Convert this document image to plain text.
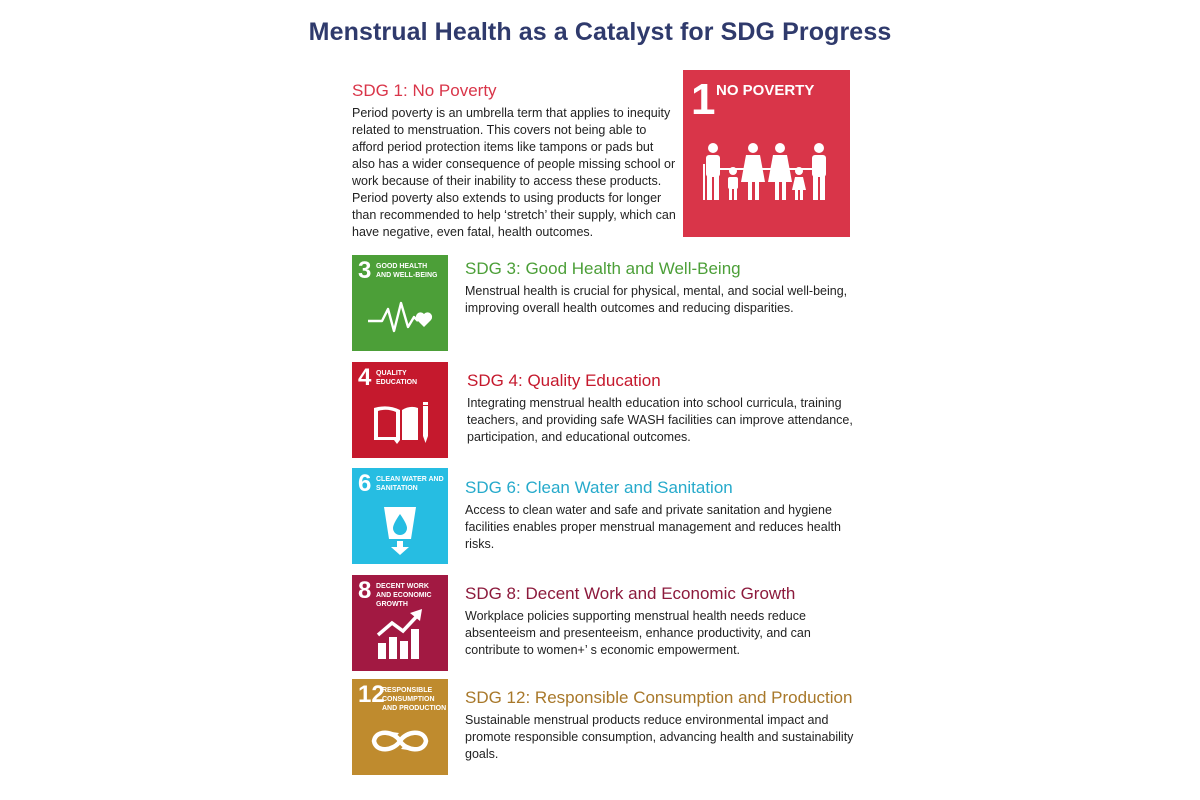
Menstrual Health as a Catalyst for SDG Progress
SDG 1: No Poverty

Period poverty is an umbrella term that applies to inequity related to menstruation. This covers not being able to afford period protection items like tampons or pads but also has a wider consequence of people missing school or work because of their inability to access these products. Period poverty also extends to using products for longer than recommended to help ‘stretch’ their supply, which can have negative, even fatal, health outcomes.

1 NO POVERTY
3 GOOD HEALTH AND WELL-BEING	SDG 3: Good Health and Well-Being

Menstrual health is crucial for physical, mental, and social well-being, improving overall health outcomes and reducing disparities.

4 QUALITY EDUCATION	SDG 4: Quality Education

Integrating menstrual health education into school curricula, training teachers, and providing safe WASH facilities can improve attendance, participation, and educational outcomes.

6 CLEAN WATER AND SANITATION	SDG 6: Clean Water and Sanitation

Access to clean water and safe and private sanitation and hygiene facilities enables proper menstrual management and reduces health risks.

8 DECENT WORK AND ECONOMIC GROWTH
SDG 8: Decent Work and Economic Growth

Workplace policies supporting menstrual health needs reduce absenteeism and presenteeism, enhance productivity, and can contribute to women+’ s economic empowerment.

12
RESPONSIBLE CONSUMPTION AND PRODUCTION
SDG 12: Responsible Consumption and Production

Sustainable menstrual products reduce environmental impact and promote responsible consumption, advancing health and sustainability goals.
